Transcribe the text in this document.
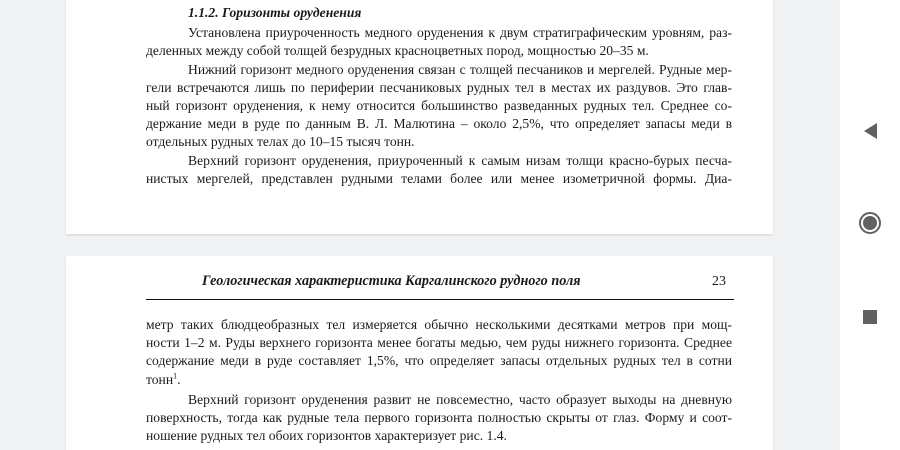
1.1.2. Горизонты оруденения
Установлена приуроченность медного оруденения к двум стратиграфическим уровням, раз-
деленных между собой толщей безрудных красноцветных пород, мощностью 20–35 м.
Нижний горизонт медного оруденения связан с толщей песчаников и мергелей. Рудные мер-
гели встречаются лишь по периферии песчаниковых рудных тел в местах их раздувов. Это глав-
ный горизонт оруденения, к нему относится большинство разведанных рудных тел. Среднее со-
держание меди в руде по данным В. Л. Малютина – около 2,5%, что определяет запасы меди в
отдельных рудных телах до 10–15 тысяч тонн.
Верхний горизонт оруденения, приуроченный к самым низам толщи красно-бурых песча-
нистых мергелей, представлен рудными телами более или менее изометричной формы. Диа-
Геологическая характеристика Каргалинского рудного поля	23
метр таких блюдцеобразных тел измеряется обычно несколькими десятками метров при мощ-
ности 1–2 м. Руды верхнего горизонта менее богаты медью, чем руды нижнего горизонта. Среднее
содержание меди в руде составляет 1,5%, что определяет запасы отдельных рудных тел в сотни
тонн$^1$.
Верхний горизонт оруденения развит не повсеместно, часто образует выходы на дневную
поверхность, тогда как рудные тела первого горизонта полностью скрыты от глаз. Форму и соот-
ношение рудных тел обоих горизонтов характеризует рис. 1.4.
